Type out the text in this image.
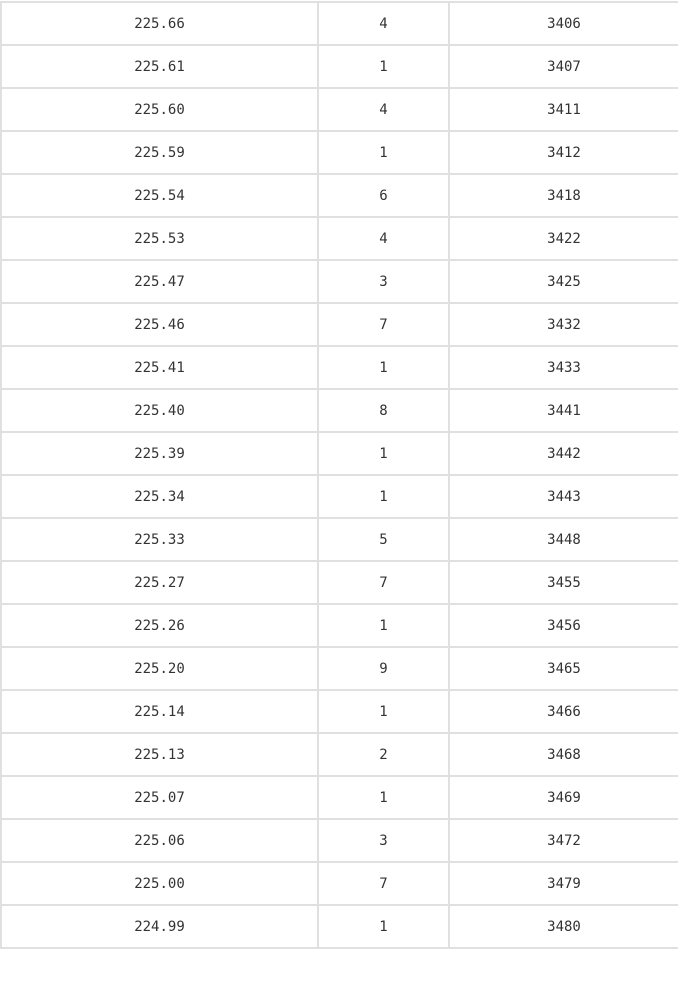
225.66	4	3406
225.61	1	3407
225.60	4	3411
225.59	1	3412
225.54	6	3418
225.53	4	3422
225.47	3	3425
225.46	7	3432
225.41	1	3433
225.40	8	3441
225.39	1	3442
225.34	1	3443
225.33	5	3448
225.27	7	3455
225.26	1	3456
225.20	9	3465
225.14	1	3466
225.13	2	3468
225.07	1	3469
225.06	3	3472
225.00	7	3479
224.99	1	3480
